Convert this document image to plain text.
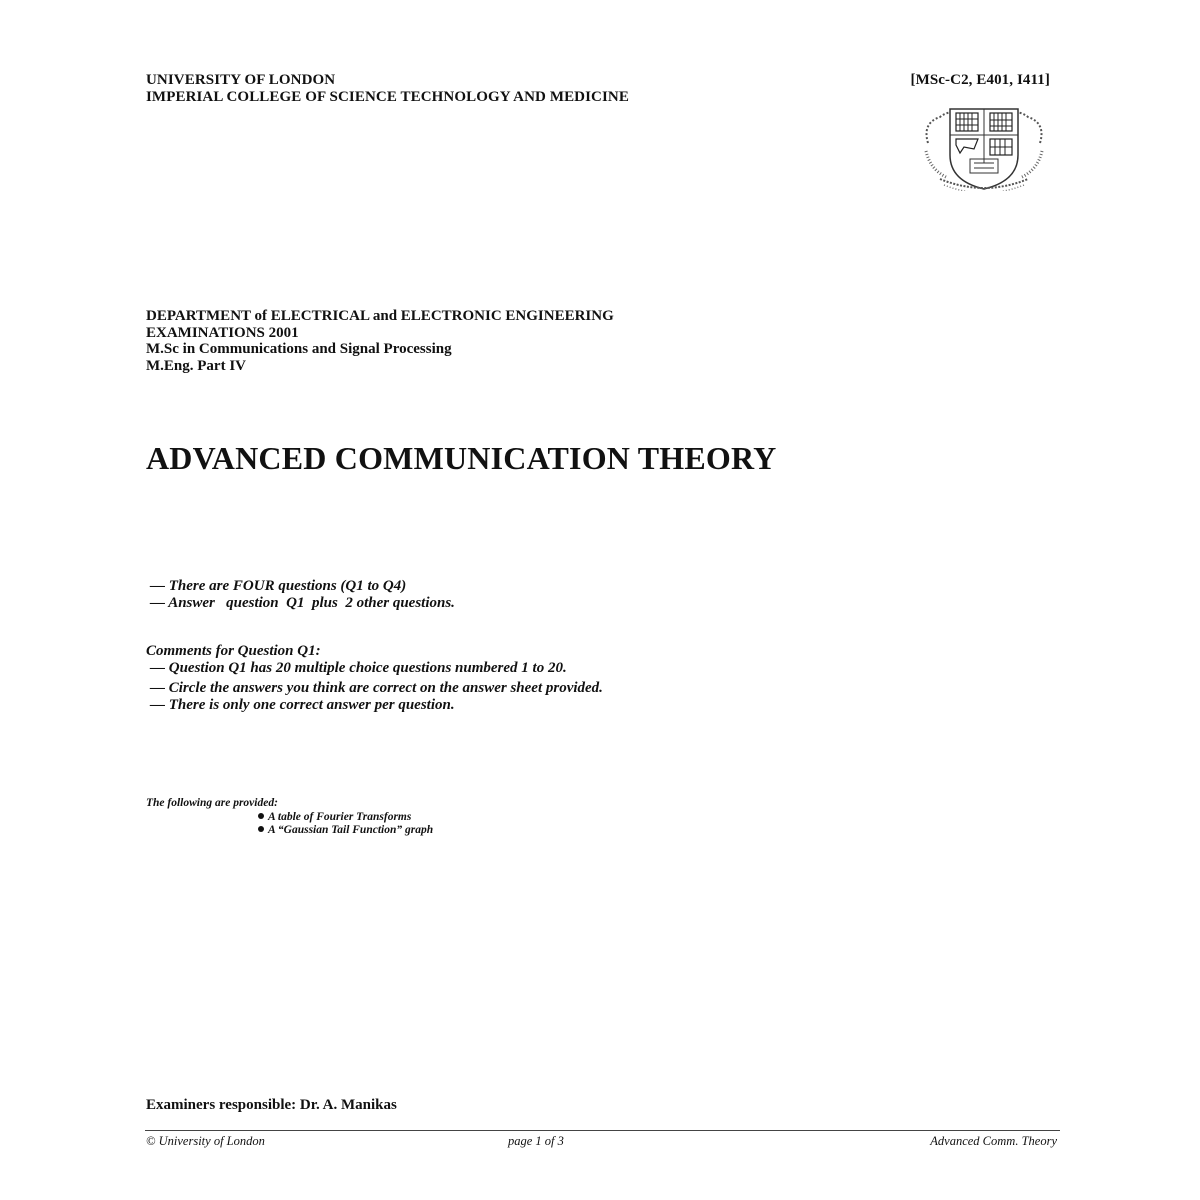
UNIVERSITY OF LONDON
IMPERIAL COLLEGE OF SCIENCE TECHNOLOGY AND MEDICINE
[MSc-C2, E401, I411]
DEPARTMENT of ELECTRICAL and ELECTRONIC ENGINEERING
EXAMINATIONS 2001
M.Sc in Communications and Signal Processing
M.Eng. Part IV
ADVANCED COMMUNICATION THEORY
— There are FOUR questions (Q1 to Q4)
— Answer   question  Q1  plus  2 other questions.
Comments for Question Q1:
— Question Q1 has 20 multiple choice questions numbered 1 to 20.
— Circle the answers you think are correct on the answer sheet provided.
— There is only one correct answer per question.
The following are provided:
A table of Fourier Transforms
A “Gaussian Tail Function” graph
Examiners responsible: Dr. A. Manikas
© University of London	page 1 of 3	Advanced Comm. Theory
